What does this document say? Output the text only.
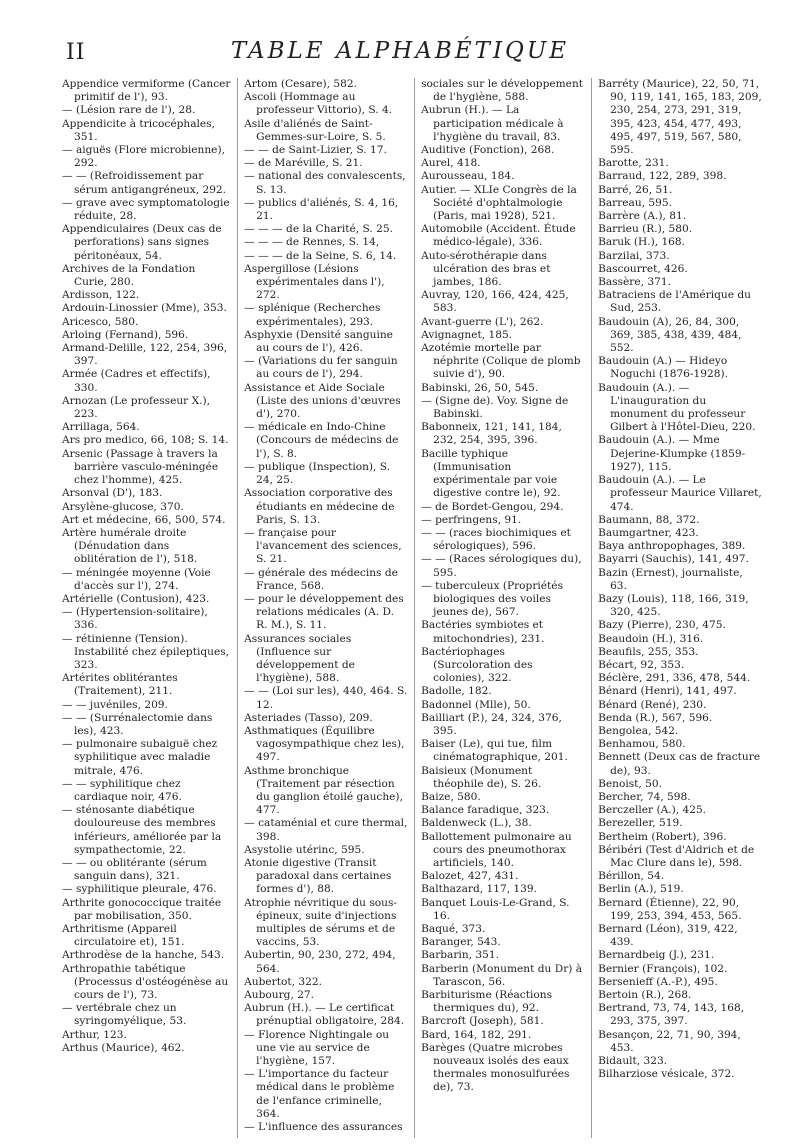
II	TABLE ALPHABÉTIQUE

Appendice vermiforme (Cancer primitif de l'), 93.

— (Lésion rare de l'), 28.

Appendicite à tricocéphales, 351.

— aiguës (Flore microbienne), 292.

— — (Refroidissement par sérum antigangréneux, 292.

— grave avec symptomatologie réduite, 28.

Appendiculaires (Deux cas de perforations) sans signes péritonéaux, 54.

Archives de la Fondation Curie, 280.

Ardisson, 122.

Ardouin-Linossier (Mme), 353.

Aricesco, 580.

Arloing (Fernand), 596.

Armand-Delille, 122, 254, 396, 397.

Armée (Cadres et effectifs), 330.

Arnozan (Le professeur X.), 223.

Arrillaga, 564.

Ars pro medico, 66, 108; S. 14.

Arsenic (Passage à travers la barrière vasculo-méningée chez l'homme), 425.

Arsonval (D'), 183.

Arsylène-glucose, 370.

Art et médecine, 66, 500, 574.

Artère humérale droite (Dénudation dans oblitération de l'), 518.

— méningée moyenne (Voie d'accès sur l'), 274.

Artérielle (Contusion), 423.

— (Hypertension-solitaire), 336.

— rétinienne (Tension). Instabilité chez épileptiques, 323.

Artérites oblitérantes (Traitement), 211.

— — juvéniles, 209.

— — (Surrénalectomie dans les), 423.

— pulmonaire subaiguë chez syphilitique avec maladie mitrale, 476.

— — syphilitique chez cardiaque noir, 476.

— sténosante diabétique douloureuse des membres inférieurs, améliorée par la sympathectomie, 22.

— — ou oblitérante (sérum sanguin dans), 321.

— syphilitique pleurale, 476.

Arthrite gonococcique traitée par mobilisation, 350.

Arthritisme (Appareil circulatoire et), 151.

Arthrodèse de la hanche, 543.

Arthropathie tabétique (Processus d'ostéogénèse au cours de l'), 73.

— vertébrale chez un syringomyélique, 53.

Arthur, 123.

Arthus (Maurice), 462.

Artom (Cesare), 582.

Ascoli (Hommage au professeur Vittorio), S. 4.

Asile d'aliénés de Saint-Gemmes-sur-Loire, S. 5.

— — de Saint-Lizier, S. 17.

— de Maréville, S. 21.

— national des convalescents, S. 13.

— publics d'aliénés, S. 4, 16, 21.

— — — de la Charité, S. 25.

— — — de Rennes, S. 14,

— — — de la Seine, S. 6, 14.

Aspergillose (Lésions expérimentales dans l'), 272.

— splénique (Recherches expérimentales), 293.

Asphyxie (Densité sanguine au cours de l'), 426.

— (Variations du fer sanguin au cours de l'), 294.

Assistance et Aide Sociale (Liste des unions d'œuvres d'), 270.

— médicale en Indo-Chine (Concours de médecins de l'), S. 8.

— publique (Inspection), S. 24, 25.

Association corporative des étudiants en médecine de Paris, S. 13.

— française pour l'avancement des sciences, S. 21.

— générale des médecins de France, 568.

— pour le développement des relations médicales (A. D. R. M.), S. 11.

Assurances sociales (Influence sur développement de l'hygiène), 588.

— — (Loi sur les), 440, 464. S. 12.

Asteriades (Tasso), 209.

Asthmatiques (Équilibre vagosympathique chez les), 497.

Asthme bronchique (Traitement par résection du ganglion étoilé gauche), 477.

— cataménial et cure thermal, 398.

Asystolie utérinc, 595.

Atonie digestive (Transit paradoxal dans certaines formes d'), 88.

Atrophie névritique du sous-épineux, suite d'injections multiples de sérums et de vaccins, 53.

Aubertin, 90, 230, 272, 494, 564.

Aubertot, 322.

Aubourg, 27.

Aubrun (H.). — Le certificat prénuptial obligatoire, 284.

— Florence Nightingale ou une vie au service de l'hygiène, 157.

— L'importance du facteur médical dans le problème de l'enfance criminelle, 364.

— L'influence des assurances

sociales sur le développement de l'hygiène, 588.

Aubrun (H.). — La participation médicale à l'hygiène du travail, 83.

Auditive (Fonction), 268.

Aurel, 418.

Aurousseau, 184.

Autier. — XLIe Congrès de la Société d'ophtalmologie (Paris, mai 1928), 521.

Automobile (Accident. Étude médico-légale), 336.

Auto-sérothérapie dans ulcération des bras et jambes, 186.

Auvray, 120, 166, 424, 425, 583.

Avant-guerre (L'), 262.

Avignagnet, 185.

Azotémie mortelle par néphrite (Colique de plomb suivie d'), 90.

Babinski, 26, 50, 545.

— (Signe de). Voy. Signe de Babinski.

Babonneix, 121, 141, 184, 232, 254, 395, 396.

Bacille typhique (Immunisation expérimentale par voie digestive contre le), 92.

— de Bordet-Gengou, 294.

— perfringens, 91.

— — (races biochimiques et sérologiques), 596.

— — (Races sérologiques du), 595.

— tuberculeux (Propriétés biologiques des voiles jeunes de), 567.

Bactéries symbiotes et mitochondries), 231.

Bactériophages (Surcoloration des colonies), 322.

Badolle, 182.

Badonnel (Mlle), 50.

Bailliart (P.), 24, 324, 376, 395.

Baiser (Le), qui tue, film cinématographique, 201.

Baisieux (Monument théophile de), S. 26.

Baize, 580.

Balance faradique, 323.

Baldenweck (L.), 38.

Ballottement pulmonaire au cours des pneumothorax artificiels, 140.

Balozet, 427, 431.

Balthazard, 117, 139.

Banquet Louis-Le-Grand, S. 16.

Baqué, 373.

Baranger, 543.

Barbarin, 351.

Barberin (Monument du Dr) à Tarascon, 56.

Barbiturisme (Réactions thermiques du), 92.

Barcroft (Joseph), 581.

Bard, 164, 182, 291.

Barèges (Quatre microbes nouveaux isolés des eaux thermales monosulfurées de), 73.

Barréty (Maurice), 22, 50, 71, 90, 119, 141, 165, 183, 209, 230, 254, 273, 291, 319, 395, 423, 454, 477, 493, 495, 497, 519, 567, 580, 595.

Barotte, 231.

Barraud, 122, 289, 398.

Barré, 26, 51.

Barreau, 595.

Barrère (A.), 81.

Barrieu (R.), 580.

Baruk (H.), 168.

Barzilai, 373.

Bascourret, 426.

Bassère, 371.

Batraciens de l'Amérique du Sud, 253.

Baudouin (A), 26, 84, 300, 369, 385, 438, 439, 484, 552.

Baudouin (A.) — Hideyo Noguchi (1876-1928).

Baudouin (A.). — L'inauguration du monument du professeur Gilbert à l'Hôtel-Dieu, 220.

Baudouin (A.). — Mme Dejerine-Klumpke (1859-1927), 115.

Baudouin (A.). — Le professeur Maurice Villaret, 474.

Baumann, 88, 372.

Baumgartner, 423.

Baya anthropophages, 389.

Bayarri (Sauchis), 141, 497.

Bazin (Ernest), journaliste, 63.

Bazy (Louis), 118, 166, 319, 320, 425.

Bazy (Pierre), 230, 475.

Beaudoin (H.), 316.

Beaufils, 255, 353.

Bécart, 92, 353.

Béclère, 291, 336, 478, 544.

Bénard (Henri), 141, 497.

Bénard (René), 230.

Benda (R.), 567, 596.

Bengolea, 542.

Benhamou, 580.

Bennett (Deux cas de fracture de), 93.

Benoist, 50.

Bercher, 74, 598.

Berczeller (A.), 425.

Berezeller, 519.

Bertheim (Robert), 396.

Béribéri (Test d'Aldrich et de Mac Clure dans le), 598.

Bérillon, 54.

Berlin (A.), 519.

Bernard (Étienne), 22, 90, 199, 253, 394, 453, 565.

Bernard (Léon), 319, 422, 439.

Bernardbeig (J.), 231.

Bernier (François), 102.

Bersenieff (A.-P.), 495.

Bertoin (R.), 268.

Bertrand, 73, 74, 143, 168, 293, 375, 397.

Besançon, 22, 71, 90, 394, 453.

Bidault, 323.

Bilharziose vésicale, 372.
